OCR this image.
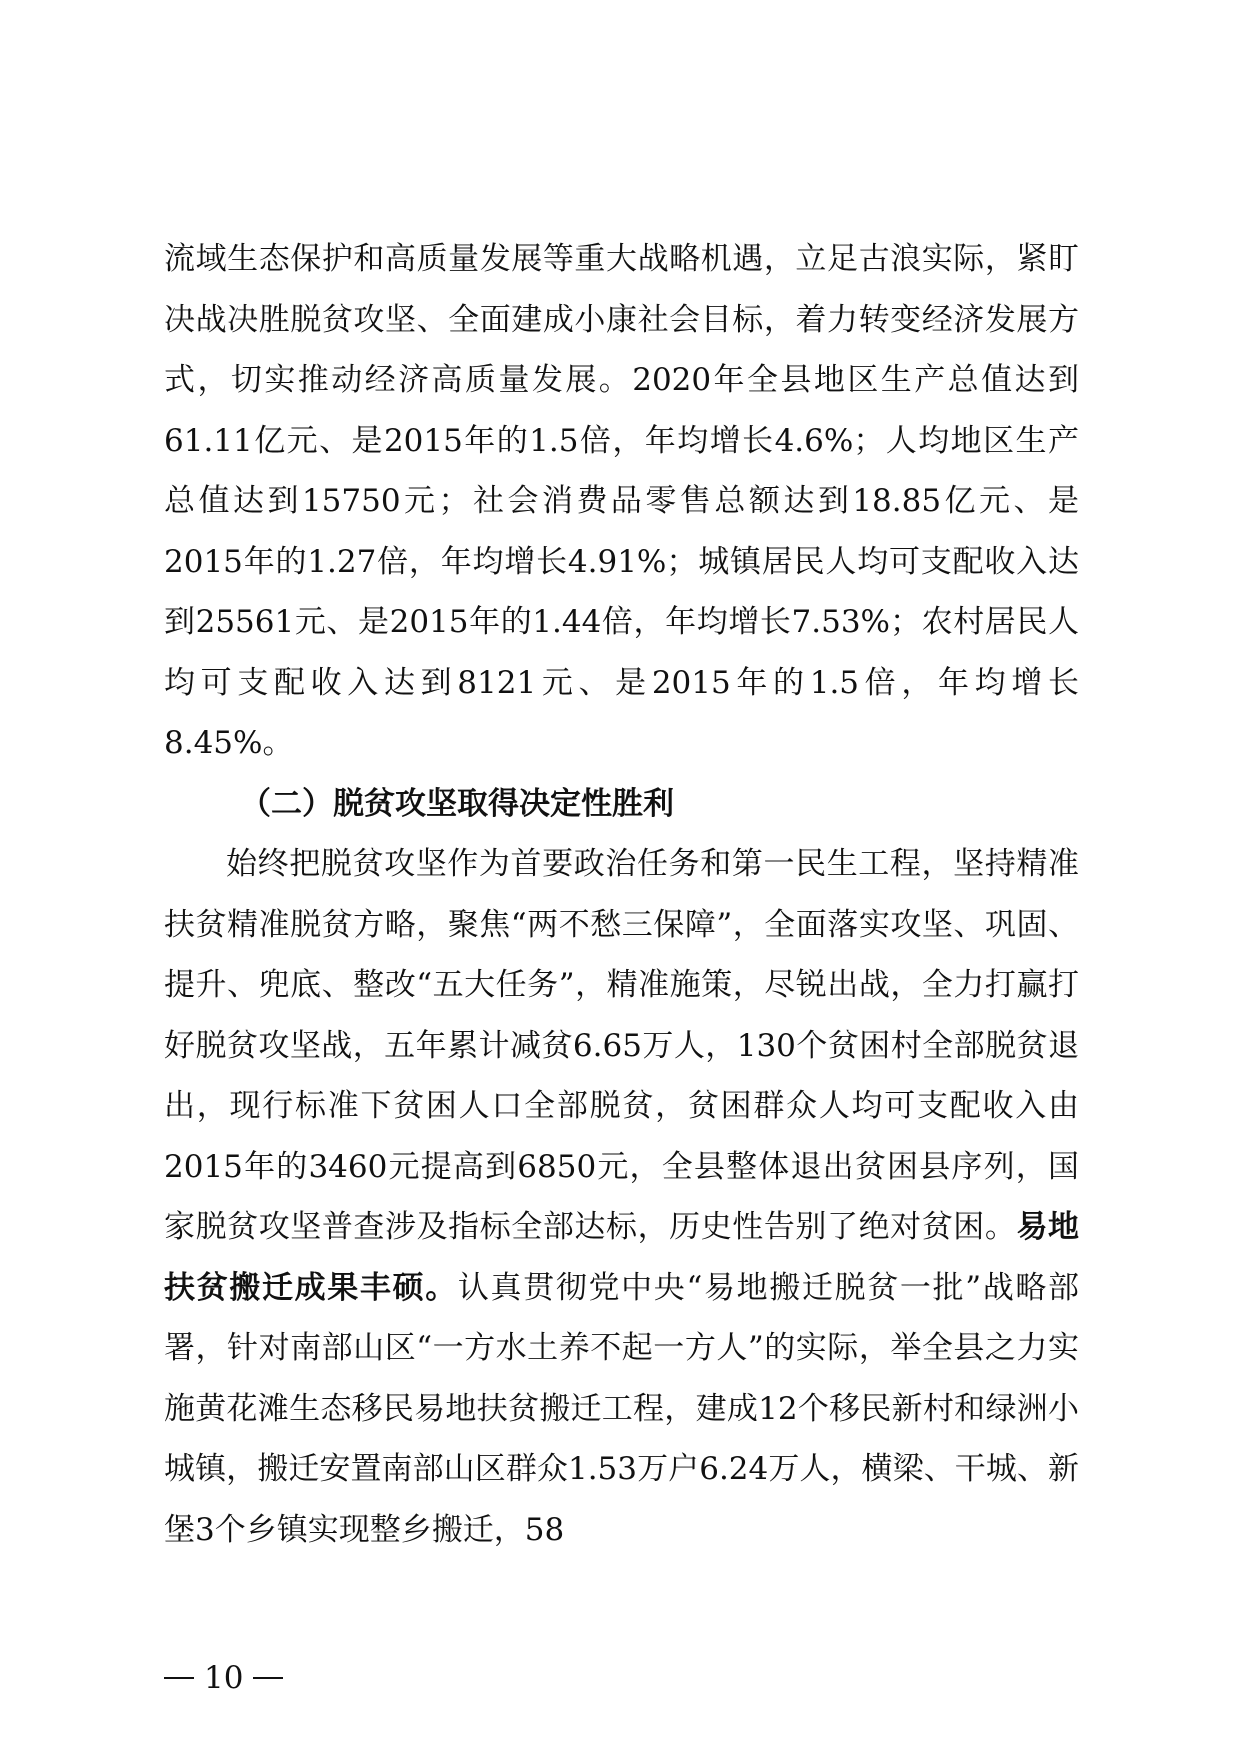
流域生态保护和高质量发展等重大战略机遇，立足古浪实际，紧盯决战决胜脱贫攻坚、全面建成小康社会目标，着力转变经济发展方式，切实推动经济高质量发展。2020年全县地区生产总值达到61.11亿元、是2015年的1.5倍，年均增长4.6%；人均地区生产总值达到15750元；社会消费品零售总额达到18.85亿元、是2015年的1.27倍，年均增长4.91%；城镇居民人均可支配收入达到25561元、是2015年的1.44倍，年均增长7.53%；农村居民人均可支配收入达到8121元、是2015年的1.5倍，年均增长8.45%。

（二）脱贫攻坚取得决定性胜利

始终把脱贫攻坚作为首要政治任务和第一民生工程，坚持精准扶贫精准脱贫方略，聚焦“两不愁三保障”，全面落实攻坚、巩固、提升、兜底、整改“五大任务”，精准施策，尽锐出战，全力打赢打好脱贫攻坚战，五年累计减贫6.65万人，130个贫困村全部脱贫退出，现行标准下贫困人口全部脱贫，贫困群众人均可支配收入由2015年的3460元提高到6850元，全县整体退出贫困县序列，国家脱贫攻坚普查涉及指标全部达标，历史性告别了绝对贫困。易地扶贫搬迁成果丰硕。认真贯彻党中央“易地搬迁脱贫一批”战略部署，针对南部山区“一方水土养不起一方人”的实际，举全县之力实施黄花滩生态移民易地扶贫搬迁工程，建成12个移民新村和绿洲小城镇，搬迁安置南部山区群众1.53万户6.24万人，横梁、干城、新堡3个乡镇实现整乡搬迁，58

10
